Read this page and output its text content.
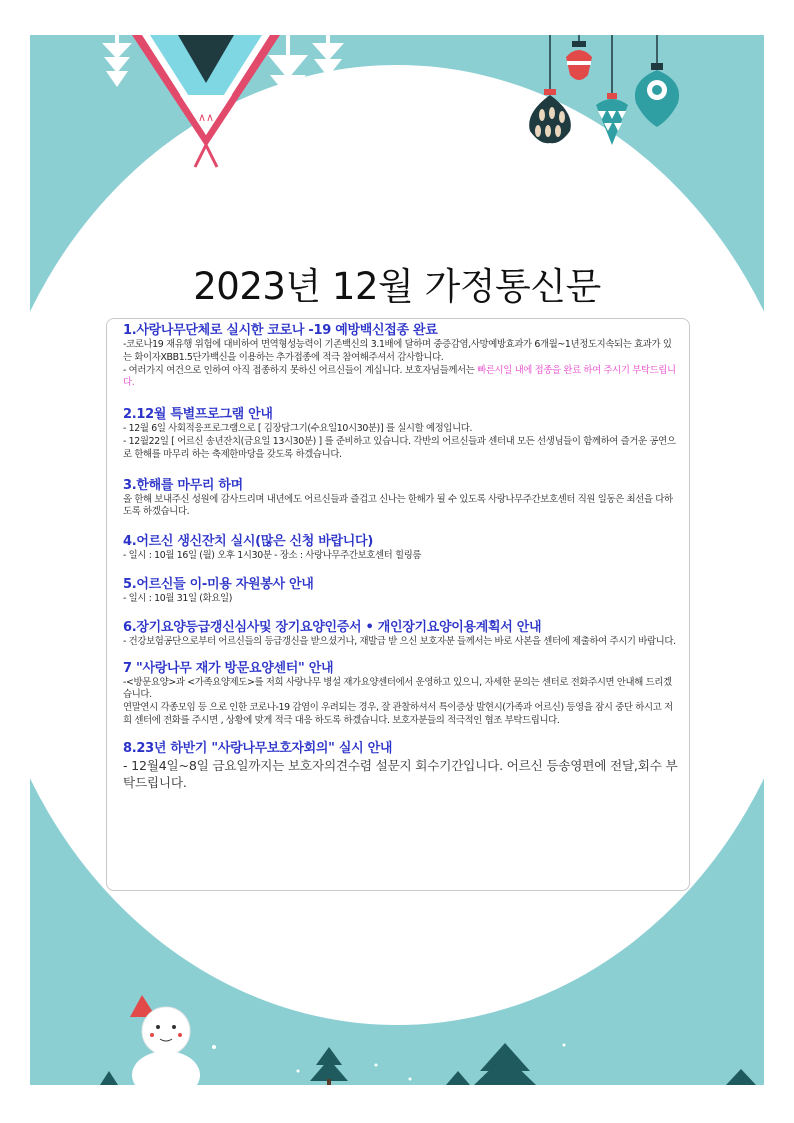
∧∧
2023년 12월 가정통신문
1.사랑나무단체로 실시한 코로나 -19 예방백신접종 완료
-코로나19 재유행 위험에 대비하여 면역형성능력이 기존백신의 3.1배에 달하며 중증감염,사망예방효과가 6개월~1년정도지속되는 효과가 있는 화이자XBB1.5단가백신을 이용하는 추가접종에 적극 참여해주셔서 감사합니다.
- 여러가지 여건으로 인하여 아직 접종하지 못하신 어르신들이 계십니다. 보호자님들께서는 빠른시일 내에 접종을 완료 하여 주시기 부탁드립니다.
2.12월 특별프로그램 안내
- 12월 6일 사회적응프로그램으로 [ 김장담그기(수요일10시30분)] 를 실시할 예정입니다.
- 12월22일 [ 어르신 송년잔치(금요일 13시30분) ] 를 준비하고 있습니다. 각반의 어르신들과 센터내 모든 선생님들이 함께하여 즐거운 공연으로 한해를 마무리 하는 축제한마당을 갖도록 하겠습니다.
3.한해를 마무리 하며
올 한해 보내주신 성원에 감사드리며 내년에도 어르신들과 즐겁고 신나는 한해가 될 수 있도록 사랑나무주간보호센터 직원 일동은 최선을 다하도록 하겠습니다.
4.어르신 생신잔치 실시(많은 신청 바랍니다)
- 일시 : 10월 16일 (월) 오후 1시30분 - 장소 : 사랑나무주간보호센터 힐링룸
5.어르신들 이-미용 자원봉사 안내
- 일시 : 10월 31일 (화요일)
6.장기요양등급갱신심사및 장기요양인증서 • 개인장기요양이용계획서 안내
- 건강보험공단으로부터 어르신들의 등급갱신을 받으셨거나, 재발급 받 으신 보호자분 들께서는 바로 사본을 센터에 제출하여 주시기 바랍니다.
7 "사랑나무 재가 방문요양센터" 안내
-<방문요양>과 <가족요양제도>를 저희 사랑나무 병설 재가요양센터에서 운영하고 있으니, 자세한 문의는 센터로 전화주시면 안내해 드리겠습니다.
연말연시 각종모임 등 으로 인한 코로나-19 감염이 우려되는 경우, 잘 관찰하셔서 특이증상 발현시(가족과 어르신) 등영을 잠시 중단 하시고 저희 센터에 전화를 주시면 , 상황에 맞게 적극 대응 하도록 하겠습니다. 보호자분들의 적극적인 협조 부탁드립니다.
8.23년 하반기 "사랑나무보호자회의" 실시 안내
- 12월4일~8일 금요일까지는 보호자의견수렴 설문지 회수기간입니다. 어르신 등송영편에 전달,회수 부탁드립니다.
